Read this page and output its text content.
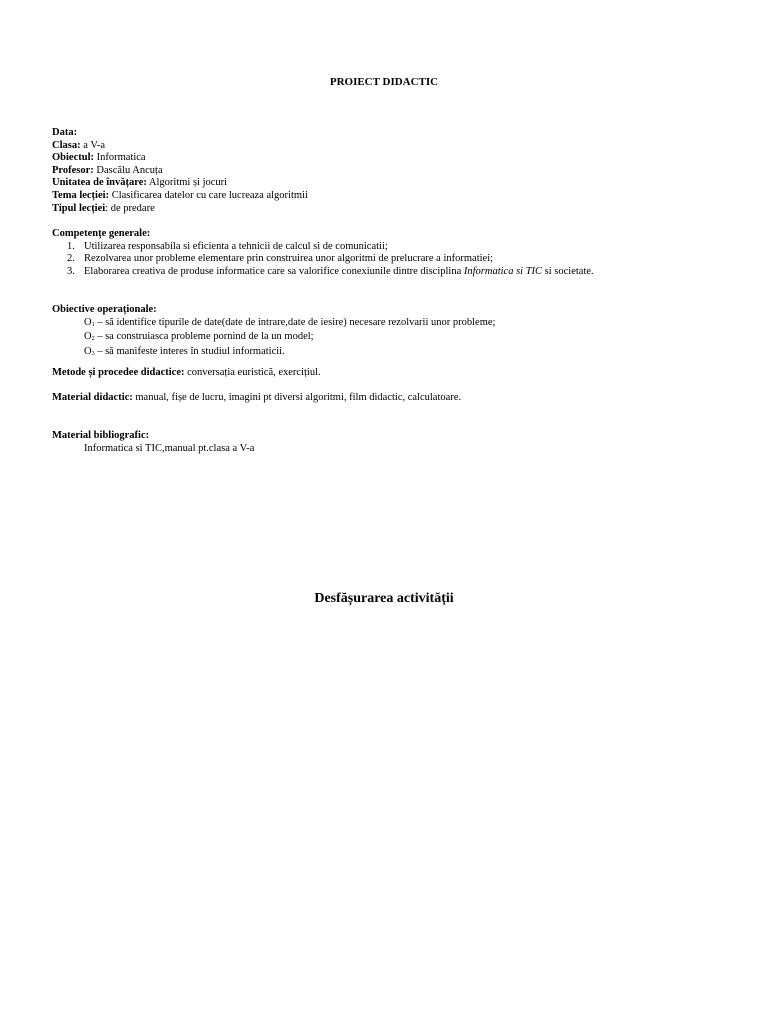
PROIECT DIDACTIC
Data:
Clasa: a V-a
Obiectul: Informatica
Profesor: Dascălu Ancuța
Unitatea de învățare: Algoritmi și jocuri
Tema lecției: Clasificarea datelor cu care lucreaza algoritmii
Tipul lecției: de predare
Competențe generale:
1. Utilizarea responsabila si eficienta a tehnicii de calcul si de comunicatii;
2. Rezolvarea unor probleme elementare prin construirea unor algoritmi de prelucrare a informatiei;
3. Elaborarea creativa de produse informatice care sa valorifice conexiunile dintre disciplina Informatica si TIC si societate.
Obiective operaționale:
O1 – să identifice tipurile de date(date de intrare,date de iesire) necesare rezolvarii unor probleme;
O2 – sa construiasca probleme pornind de la un model;
O3 – să manifeste interes în studiul informaticii.
Metode și procedee didactice: conversația euristică, exercițiul.
Material didactic: manual, fișe de lucru, imagini pt diversi algoritmi, film didactic, calculatoare.
Material bibliografic:
Informatica si TIC,manual pt.clasa a V-a
Desfășurarea activității
